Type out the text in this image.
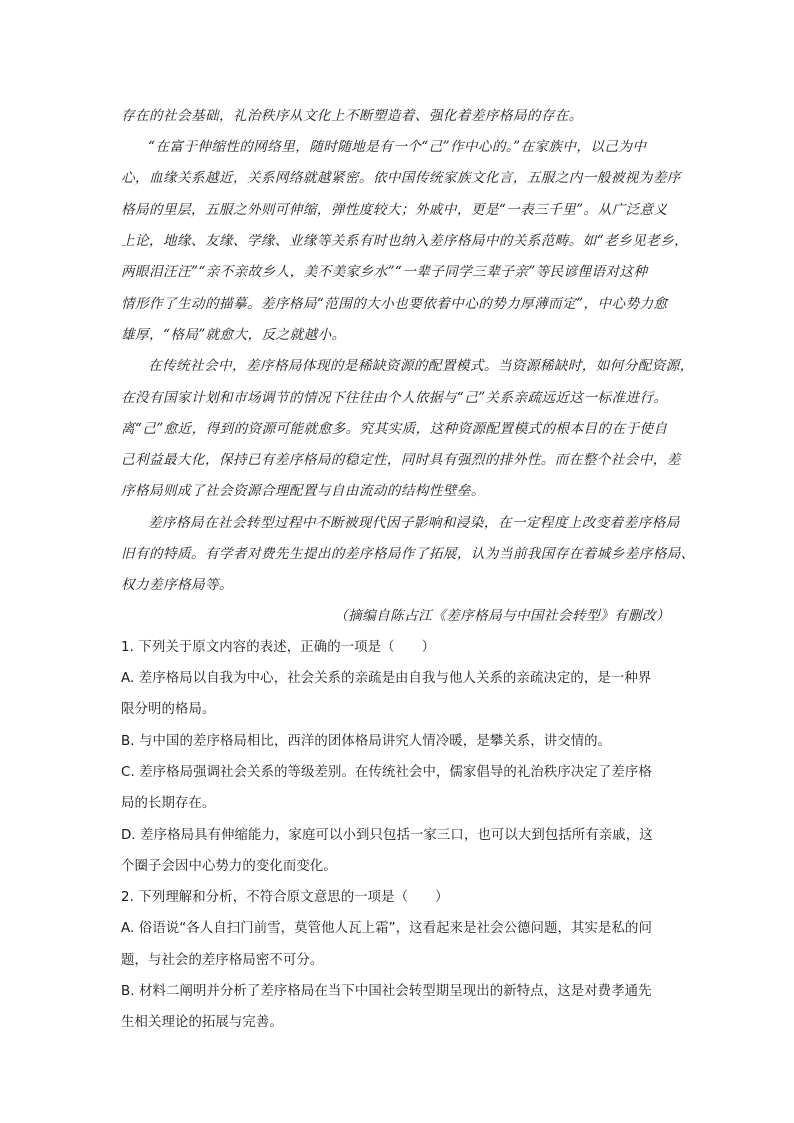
存在的社会基础，礼治秩序从文化上不断塑造着、强化着差序格局的存在。
“在富于伸缩性的网络里，随时随地是有一个“己”作中心的。”在家族中，以己为中
心，血缘关系越近，关系网络就越紧密。依中国传统家族文化言，五服之内一般被视为差序
格局的里层，五服之外则可伸缩，弹性度较大；外戚中，更是“一表三千里”。从广泛意义
上论，地缘、友缘、学缘、业缘等关系有时也纳入差序格局中的关系范畴。如“老乡见老乡，
两眼泪汪汪”“亲不亲故乡人，美不美家乡水”“一辈子同学三辈子亲”等民谚俚语对这种
情形作了生动的描摹。差序格局“范围的大小也要依着中心的势力厚薄而定”，中心势力愈
雄厚，“格局”就愈大，反之就越小。
在传统社会中，差序格局体现的是稀缺资源的配置模式。当资源稀缺时，如何分配资源，
在没有国家计划和市场调节的情况下往往由个人依据与“己”关系亲疏远近这一标准进行。
离“己”愈近，得到的资源可能就愈多。究其实质，这种资源配置模式的根本目的在于使自
己利益最大化，保持已有差序格局的稳定性，同时具有强烈的排外性。而在整个社会中，差
序格局则成了社会资源合理配置与自由流动的结构性壁垒。
差序格局在社会转型过程中不断被现代因子影响和浸染，在一定程度上改变着差序格局
旧有的特质。有学者对费先生提出的差序格局作了拓展，认为当前我国存在着城乡差序格局、
权力差序格局等。
（摘编自陈占江《差序格局与中国社会转型》有删改）
1. 下列关于原文内容的表述，正确的一项是（　　）
A. 差序格局以自我为中心，社会关系的亲疏是由自我与他人关系的亲疏决定的，是一种界
限分明的格局。
B. 与中国的差序格局相比，西洋的团体格局讲究人情冷暖，是攀关系，讲交情的。
C. 差序格局强调社会关系的等级差别。在传统社会中，儒家倡导的礼治秩序决定了差序格
局的长期存在。
D. 差序格局具有伸缩能力，家庭可以小到只包括一家三口，也可以大到包括所有亲戚，这
个圈子会因中心势力的变化而变化。
2. 下列理解和分析，不符合原文意思的一项是（　　）
A. 俗语说“各人自扫门前雪，莫管他人瓦上霜”，这看起来是社会公德问题，其实是私的问
题，与社会的差序格局密不可分。
B. 材料二阐明并分析了差序格局在当下中国社会转型期呈现出的新特点，这是对费孝通先
生相关理论的拓展与完善。
